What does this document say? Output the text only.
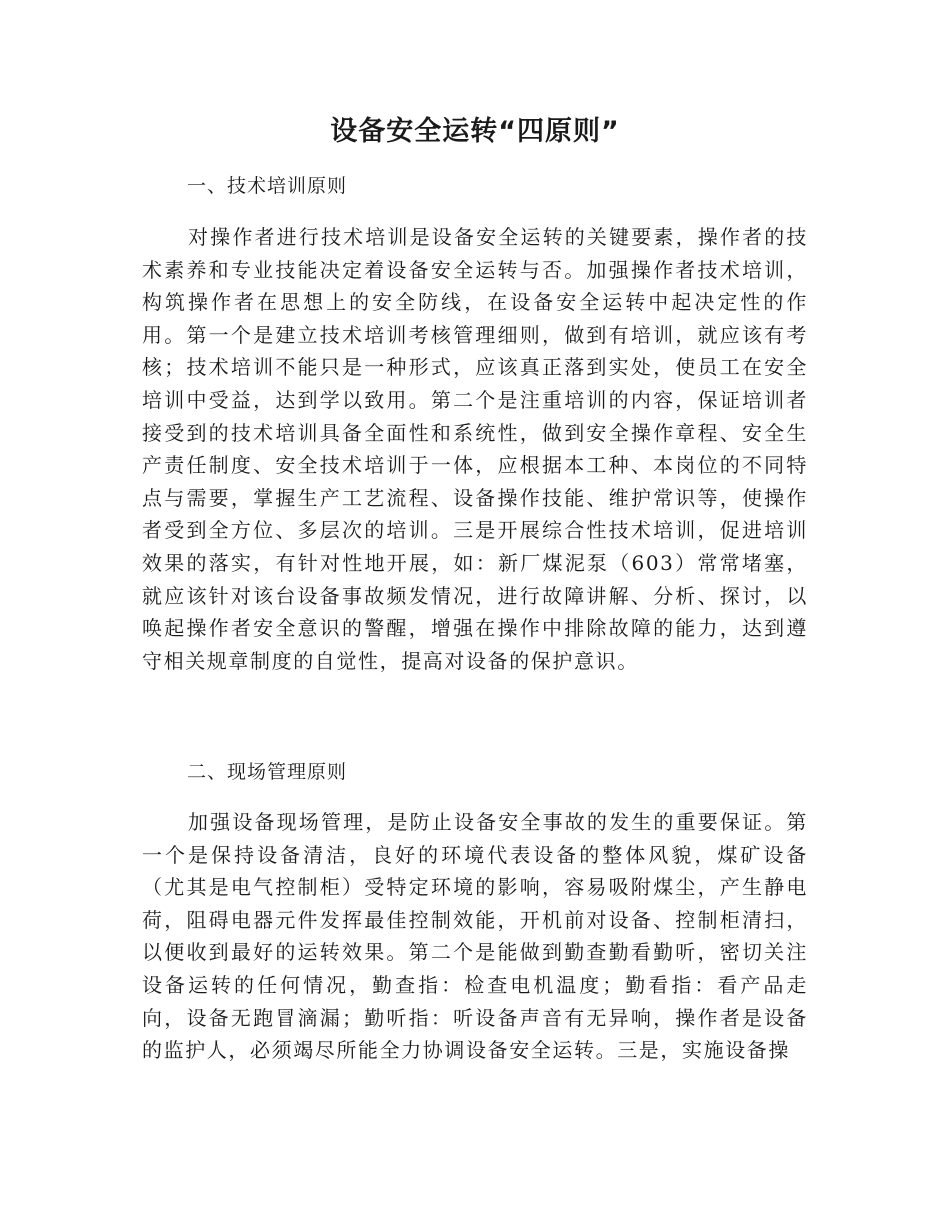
设备安全运转“四原则”
一、技术培训原则

对操作者进行技术培训是设备安全运转的关键要素，操作者的技术素养和专业技能决定着设备安全运转与否。加强操作者技术培训，构筑操作者在思想上的安全防线，在设备安全运转中起决定性的作用。第一个是建立技术培训考核管理细则，做到有培训，就应该有考核；技术培训不能只是一种形式，应该真正落到实处，使员工在安全培训中受益，达到学以致用。第二个是注重培训的内容，保证培训者接受到的技术培训具备全面性和系统性，做到安全操作章程、安全生产责任制度、安全技术培训于一体，应根据本工种、本岗位的不同特点与需要，掌握生产工艺流程、设备操作技能、维护常识等，使操作者受到全方位、多层次的培训。三是开展综合性技术培训，促进培训效果的落实，有针对性地开展，如：新厂煤泥泵（603）常常堵塞，就应该针对该台设备事故频发情况，进行故障讲解、分析、探讨，以唤起操作者安全意识的警醒，增强在操作中排除故障的能力，达到遵守相关规章制度的自觉性，提高对设备的保护意识。

二、现场管理原则

加强设备现场管理，是防止设备安全事故的发生的重要保证。第一个是保持设备清洁，良好的环境代表设备的整体风貌，煤矿设备（尤其是电气控制柜）受特定环境的影响，容易吸附煤尘，产生静电荷，阻碍电器元件发挥最佳控制效能，开机前对设备、控制柜清扫，以便收到最好的运转效果。第二个是能做到勤查勤看勤听，密切关注设备运转的任何情况，勤查指：检查电机温度；勤看指：看产品走向，设备无跑冒滴漏；勤听指：听设备声音有无异响，操作者是设备的监护人，必须竭尽所能全力协调设备安全运转。三是，实施设备操
